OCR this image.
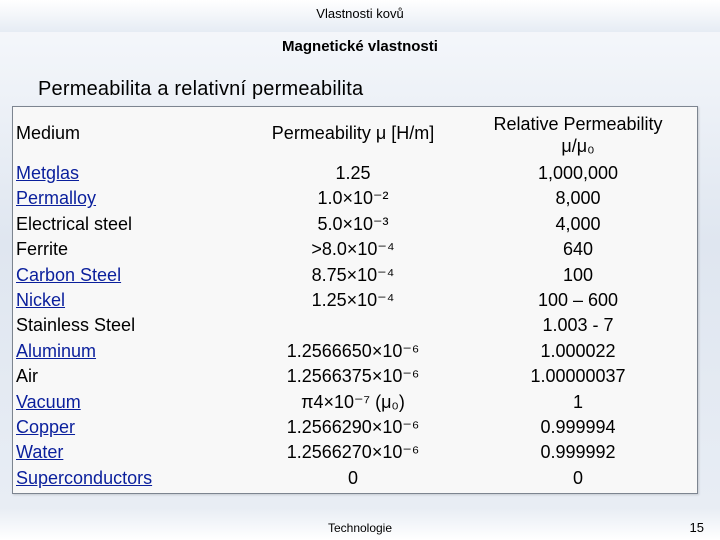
Vlastnosti kovů
Magnetické vlastnosti
Permeabilita a relativní permeabilita
Medium
Metglas
Permalloy
Electrical steel
Ferrite
Carbon Steel
Nickel
Stainless Steel
Aluminum
Air
Vacuum
Copper
Water
Superconductors
Permeability μ [H/m]
1.25
1.0×10⁻²
5.0×10⁻³
>8.0×10⁻⁴
8.75×10⁻⁴
1.25×10⁻⁴
1.2566650×10⁻⁶
1.2566375×10⁻⁶
π4×10⁻⁷ (μ₀)
1.2566290×10⁻⁶
1.2566270×10⁻⁶
0
Relative Permeability
μ/μ₀
1,000,000
8,000
4,000
640
100
100 – 600
1.003 - 7
1.000022
1.00000037
1
0.999994
0.999992
0
Technologie	15
